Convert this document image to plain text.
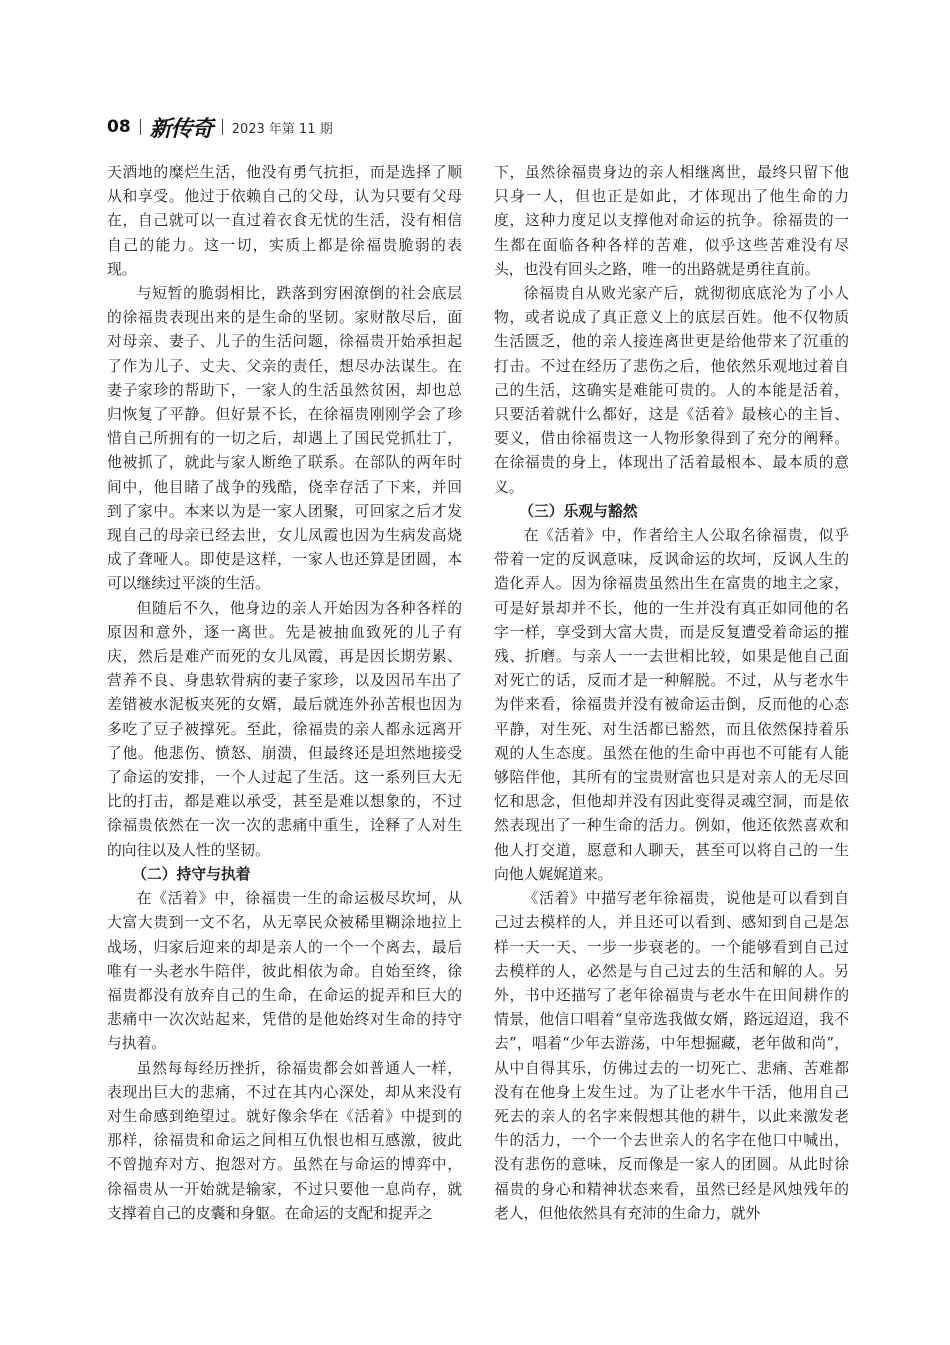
08 新传奇 2023 年第 11 期

天酒地的糜烂生活，他没有勇气抗拒，而是选择了顺从和享受。他过于依赖自己的父母，认为只要有父母在，自己就可以一直过着衣食无忧的生活，没有相信自己的能力。这一切，实质上都是徐福贵脆弱的表现。

与短暂的脆弱相比，跌落到穷困潦倒的社会底层的徐福贵表现出来的是生命的坚韧。家财散尽后，面对母亲、妻子、儿子的生活问题，徐福贵开始承担起了作为儿子、丈夫、父亲的责任，想尽办法谋生。在妻子家珍的帮助下，一家人的生活虽然贫困，却也总归恢复了平静。但好景不长，在徐福贵刚刚学会了珍惜自己所拥有的一切之后，却遇上了国民党抓壮丁，他被抓了，就此与家人断绝了联系。在部队的两年时间中，他目睹了战争的残酷，侥幸存活了下来，并回到了家中。本来以为是一家人团聚，可回家之后才发现自己的母亲已经去世，女儿凤霞也因为生病发高烧成了聋哑人。即使是这样，一家人也还算是团圆，本可以继续过平淡的生活。

但随后不久，他身边的亲人开始因为各种各样的原因和意外，逐一离世。先是被抽血致死的儿子有庆，然后是难产而死的女儿凤霞，再是因长期劳累、营养不良、身患软骨病的妻子家珍，以及因吊车出了差错被水泥板夹死的女婿，最后就连外孙苦根也因为多吃了豆子被撑死。至此，徐福贵的亲人都永远离开了他。他悲伤、愤怒、崩溃，但最终还是坦然地接受了命运的安排，一个人过起了生活。这一系列巨大无比的打击，都是难以承受，甚至是难以想象的，不过徐福贵依然在一次一次的悲痛中重生，诠释了人对生的向往以及人性的坚韧。

（二）持守与执着

在《活着》中，徐福贵一生的命运极尽坎坷，从大富大贵到一文不名，从无辜民众被稀里糊涂地拉上战场，归家后迎来的却是亲人的一个一个离去，最后唯有一头老水牛陪伴，彼此相依为命。自始至终，徐福贵都没有放弃自己的生命，在命运的捉弄和巨大的悲痛中一次次站起来，凭借的是他始终对生命的持守与执着。

虽然每每经历挫折，徐福贵都会如普通人一样，表现出巨大的悲痛，不过在其内心深处，却从来没有对生命感到绝望过。就好像余华在《活着》中提到的那样，徐福贵和命运之间相互仇恨也相互感激，彼此不曾抛弃对方、抱怨对方。虽然在与命运的博弈中，徐福贵从一开始就是输家，不过只要他一息尚存，就支撑着自己的皮囊和身躯。在命运的支配和捉弄之

下，虽然徐福贵身边的亲人相继离世，最终只留下他只身一人，但也正是如此，才体现出了他生命的力度，这种力度足以支撑他对命运的抗争。徐福贵的一生都在面临各种各样的苦难，似乎这些苦难没有尽头，也没有回头之路，唯一的出路就是勇往直前。

徐福贵自从败光家产后，就彻彻底底沦为了小人物，或者说成了真正意义上的底层百姓。他不仅物质生活匮乏，他的亲人接连离世更是给他带来了沉重的打击。不过在经历了悲伤之后，他依然乐观地过着自己的生活，这确实是难能可贵的。人的本能是活着，只要活着就什么都好，这是《活着》最核心的主旨、要义，借由徐福贵这一人物形象得到了充分的阐释。在徐福贵的身上，体现出了活着最根本、最本质的意义。

（三）乐观与豁然

在《活着》中，作者给主人公取名徐福贵，似乎带着一定的反讽意味，反讽命运的坎坷，反讽人生的造化弄人。因为徐福贵虽然出生在富贵的地主之家，可是好景却并不长，他的一生并没有真正如同他的名字一样，享受到大富大贵，而是反复遭受着命运的摧残、折磨。与亲人一一去世相比较，如果是他自己面对死亡的话，反而才是一种解脱。不过，从与老水牛为伴来看，徐福贵并没有被命运击倒，反而他的心态平静，对生死、对生活都已豁然，而且依然保持着乐观的人生态度。虽然在他的生命中再也不可能有人能够陪伴他，其所有的宝贵财富也只是对亲人的无尽回忆和思念，但他却并没有因此变得灵魂空洞，而是依然表现出了一种生命的活力。例如，他还依然喜欢和他人打交道，愿意和人聊天，甚至可以将自己的一生向他人娓娓道来。

《活着》中描写老年徐福贵，说他是可以看到自己过去模样的人，并且还可以看到、感知到自己是怎样一天一天、一步一步衰老的。一个能够看到自己过去模样的人，必然是与自己过去的生活和解的人。另外，书中还描写了老年徐福贵与老水牛在田间耕作的情景，他信口唱着“皇帝选我做女婿，路远迢迢，我不去”，唱着“少年去游荡，中年想掘藏，老年做和尚”，从中自得其乐，仿佛过去的一切死亡、悲痛、苦难都没有在他身上发生过。为了让老水牛干活，他用自己死去的亲人的名字来假想其他的耕牛，以此来激发老牛的活力，一个一个去世亲人的名字在他口中喊出，没有悲伤的意味，反而像是一家人的团圆。从此时徐福贵的身心和精神状态来看，虽然已经是风烛残年的老人，但他依然具有充沛的生命力，就外
